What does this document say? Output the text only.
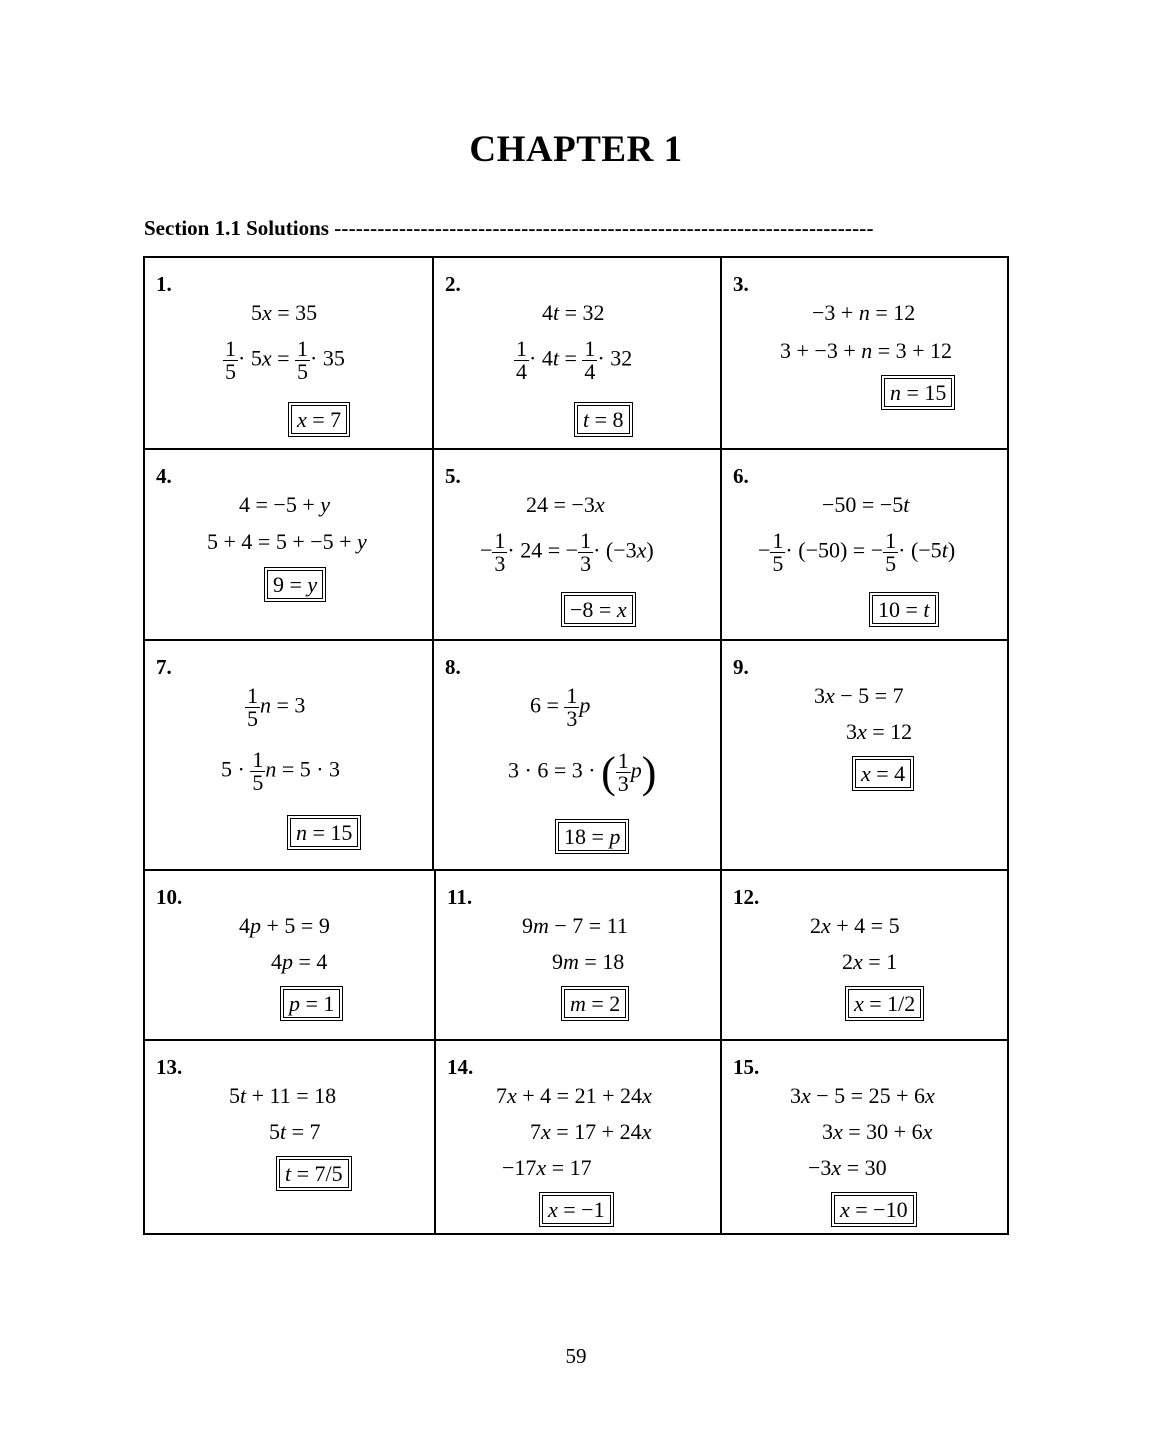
CHAPTER 1
Section 1.1 Solutions ---------------------------------------------------------------------------
1.
5x = 35
$\frac{1}{5} \cdot 5x = \frac{1}{5} \cdot 35$
x = 7
2.
4t = 32
$\frac{1}{4} \cdot 4t = \frac{1}{4} \cdot 32$
t = 8
3.
−3 + n = 12
3 + −3 + n = 3 + 12
n = 15
4.
4 = −5 + y
5 + 4 = 5 + −5 + y
9 = y
5.
24 = −3x
− $\frac{1}{3} \cdot 24$ = − $\frac{1}{3} \cdot (-3x)$
−8 = x
6.
−50 = −5t
− $\frac{1}{5} \cdot (-50)$ = − $\frac{1}{5} \cdot (-5t)$
10 = t
7.
$\frac{1}{5}$ n = 3
$5 \cdot \frac{1}{5}$ n = 5 · 3
n = 15
8.
$6 = \frac{1}{3}$ p
3 · 6 = 3 · ( $\frac{1}{3} p$)
18 = p
9.
3x − 5 = 7
3x = 12
x = 4
10.
4p + 5 = 9
4p = 4
p = 1
11.
9m − 7 = 11
9m = 18
m = 2
12.
2x + 4 = 5
2x = 1
x = 1/2
13.
5t + 11 = 18
5t = 7
t = 7/5
14.
7x + 4 = 21 + 24x
7x = 17 + 24x
−17x = 17
x = −1
15.
3x − 5 = 25 + 6x
3x = 30 + 6x
−3x = 30
x = −10
59
